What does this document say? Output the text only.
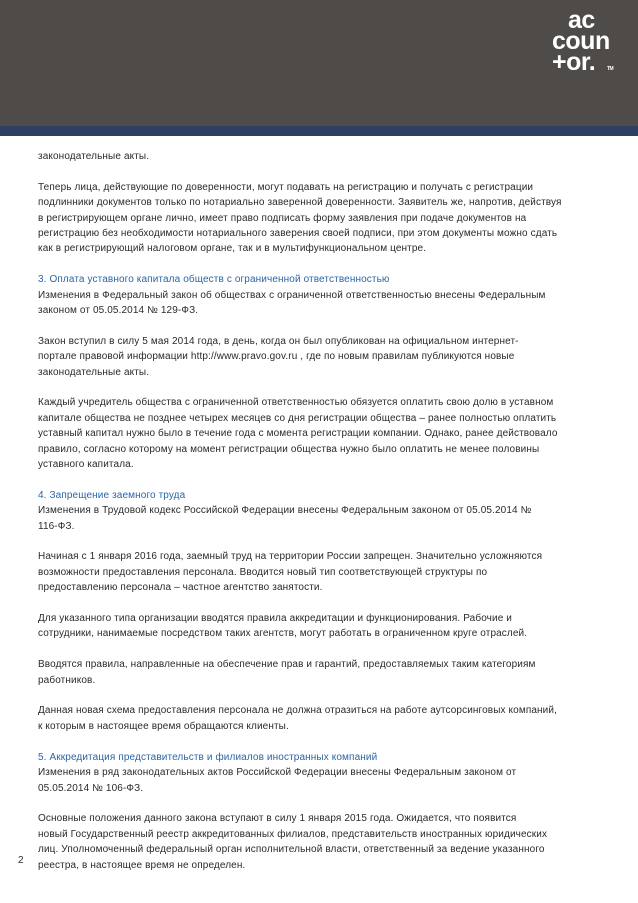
ac
coun
+or. TM

законодательные акты.

Теперь лица, действующие по доверенности, могут подавать на регистрацию и получать с регистрации
подлинники документов только по нотариально заверенной доверенности. Заявитель же, напротив, действуя
в регистрирующем органе лично, имеет право подписать форму заявления при подаче документов на
регистрацию без необходимости нотариального заверения своей подписи, при этом документы можно сдать
как в регистрирующий налоговом органе, так и в мультифункциональном центре.

3. Оплата уставного капитала обществ с ограниченной ответственностью
Изменения в Федеральный закон об обществах с ограниченной ответственностью внесены Федеральным
законом от 05.05.2014 № 129-ФЗ.

Закон вступил в силу 5 мая 2014 года, в день, когда он был опубликован на официальном интернет-
портале правовой информации http://www.pravo.gov.ru , где по новым правилам публикуются новые
законодательные акты.

Каждый учредитель общества с ограниченной ответственностью обязуется оплатить свою долю в уставном
капитале общества не позднее четырех месяцев со дня регистрации общества – ранее полностью оплатить
уставный капитал нужно было в течение года с момента регистрации компании. Однако, ранее действовало
правило, согласно которому на момент регистрации общества нужно было оплатить не менее половины
уставного капитала.

4. Запрещение заемного труда
Изменения в Трудовой кодекс Российской Федерации внесены Федеральным законом от 05.05.2014 №
116-ФЗ.

Начиная с 1 января 2016 года, заемный труд на территории России запрещен. Значительно усложняются
возможности предоставления персонала. Вводится новый тип соответствующей структуры по
предоставлению персонала – частное агентство занятости.

Для указанного типа организации вводятся правила аккредитации и функционирования. Рабочие и
сотрудники, нанимаемые посредством таких агентств, могут работать в ограниченном круге отраслей.

Вводятся правила, направленные на обеспечение прав и гарантий, предоставляемых таким категориям
работников.

Данная новая схема предоставления персонала не должна отразиться на работе аутсорсинговых компаний,
к которым в настоящее время обращаются клиенты.

5. Аккредитация представительств и филиалов иностранных компаний
Изменения в ряд законодательных актов Российской Федерации внесены Федеральным законом от
05.05.2014 № 106-ФЗ.

Основные положения данного закона вступают в силу 1 января 2015 года. Ожидается, что появится
новый Государственный реестр аккредитованных филиалов, представительств иностранных юридических
лиц. Уполномоченный федеральный орган исполнительной власти, ответственный за ведение указанного
реестра, в настоящее время не определен.

2
